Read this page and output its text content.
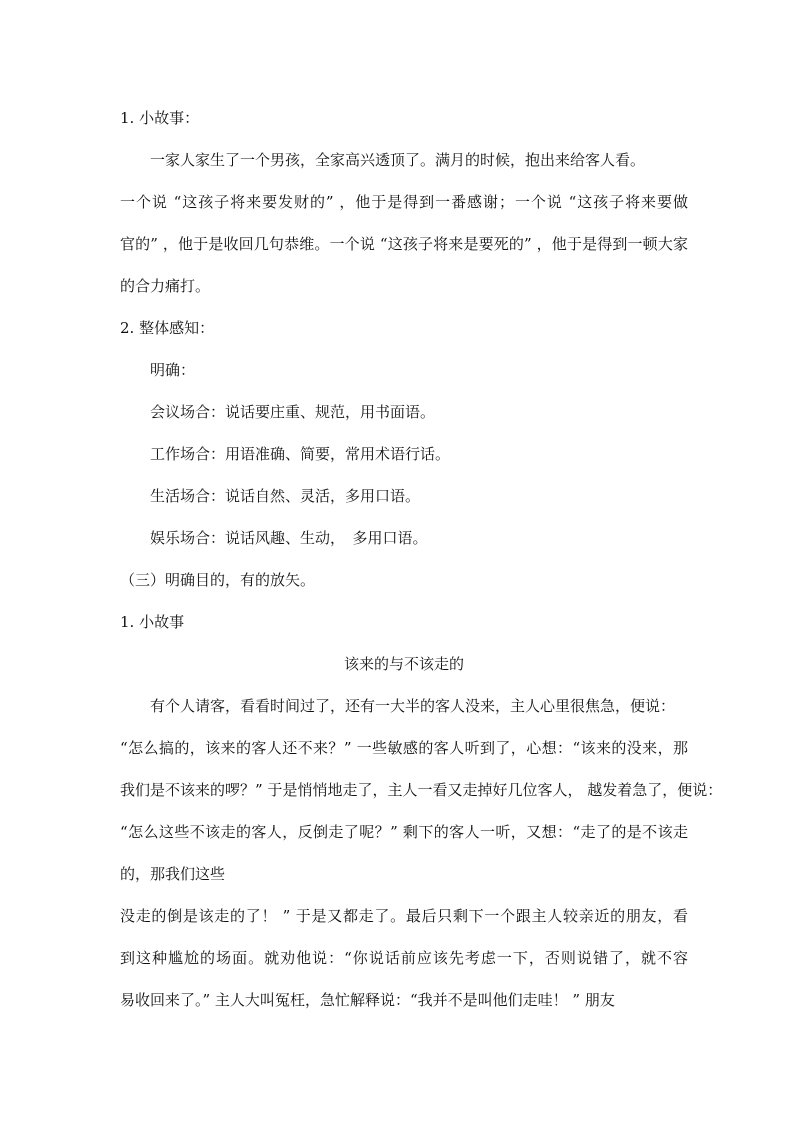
1. 小故事：
一家人家生了一个男孩，全家高兴透顶了。满月的时候，抱出来给客人看。
一个说 “这孩子将来要发财的” ，他于是得到一番感谢；一个说 “这孩子将来要做
官的” ，他于是收回几句恭维。一个说 “这孩子将来是要死的” ，他于是得到一顿大家
的合力痛打。
2. 整体感知：
明确：
会议场合：说话要庄重、规范，用书面语。
工作场合：用语准确、简要，常用术语行话。
生活场合：说话自然、灵活，多用口语。
娱乐场合：说话风趣、生动，　多用口语。
（三）明确目的，有的放矢。
1. 小故事
该来的与不该走的
有个人请客，看看时间过了，还有一大半的客人没来，主人心里很焦急，便说：
“怎么搞的，该来的客人还不来？” 一些敏感的客人听到了，心想：“该来的没来，那
我们是不该来的啰？” 于是悄悄地走了，主人一看又走掉好几位客人， 越发着急了，便说：
“怎么这些不该走的客人，反倒走了呢？” 剩下的客人一听，又想：“走了的是不该走
的，那我们这些
没走的倒是该走的了！ ” 于是又都走了。最后只剩下一个跟主人较亲近的朋友，看
到这种尴尬的场面。就劝他说：“你说话前应该先考虑一下，否则说错了，就不容
易收回来了。” 主人大叫冤枉，急忙解释说：“我并不是叫他们走哇！ ” 朋友
